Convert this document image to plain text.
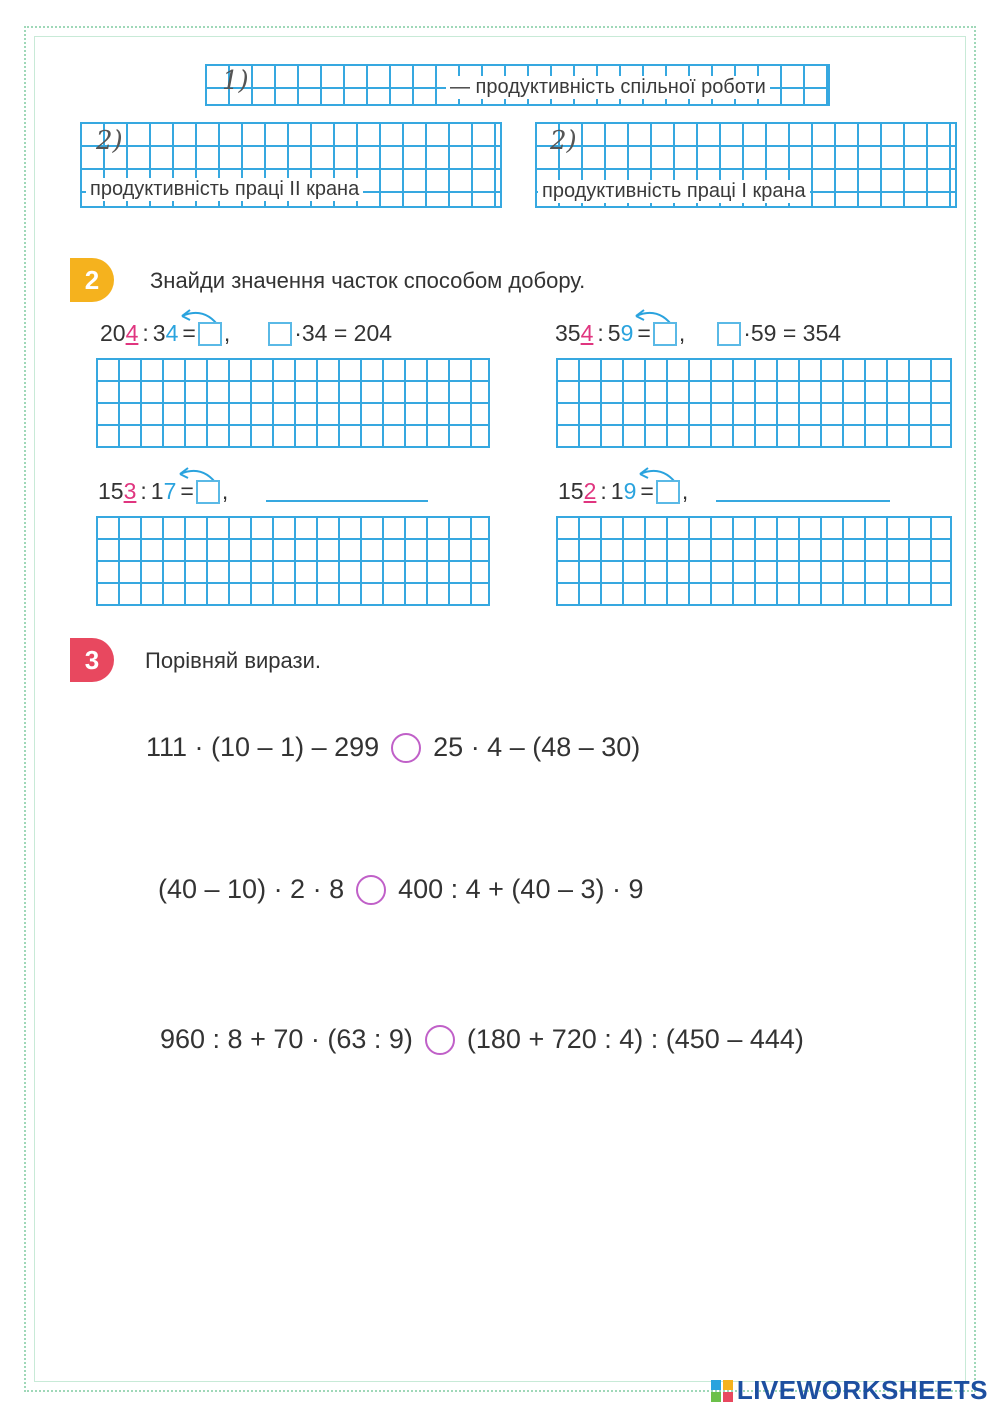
1)	— продуктивність спільної роботи
2)
продуктивність праці II крана
2)
продуктивність праці I крана
2	Знайди значення часток способом добору.
20 4 : 3 4 = ,	·34 = 204	35 4 : 5 9 = ,	·59 = 354
15 3 : 1 7 = ,	15 2 : 1 9 = ,
3	Порівняй вирази.
111 · (10 – 1) – 299 25 · 4 – (48 – 30)
(40 – 10) · 2 · 8 400 : 4 + (40 – 3) · 9
960 : 8 + 70 · (63 : 9) (180 + 720 : 4) : (450 – 444)
LIVEWORKSHEETS
